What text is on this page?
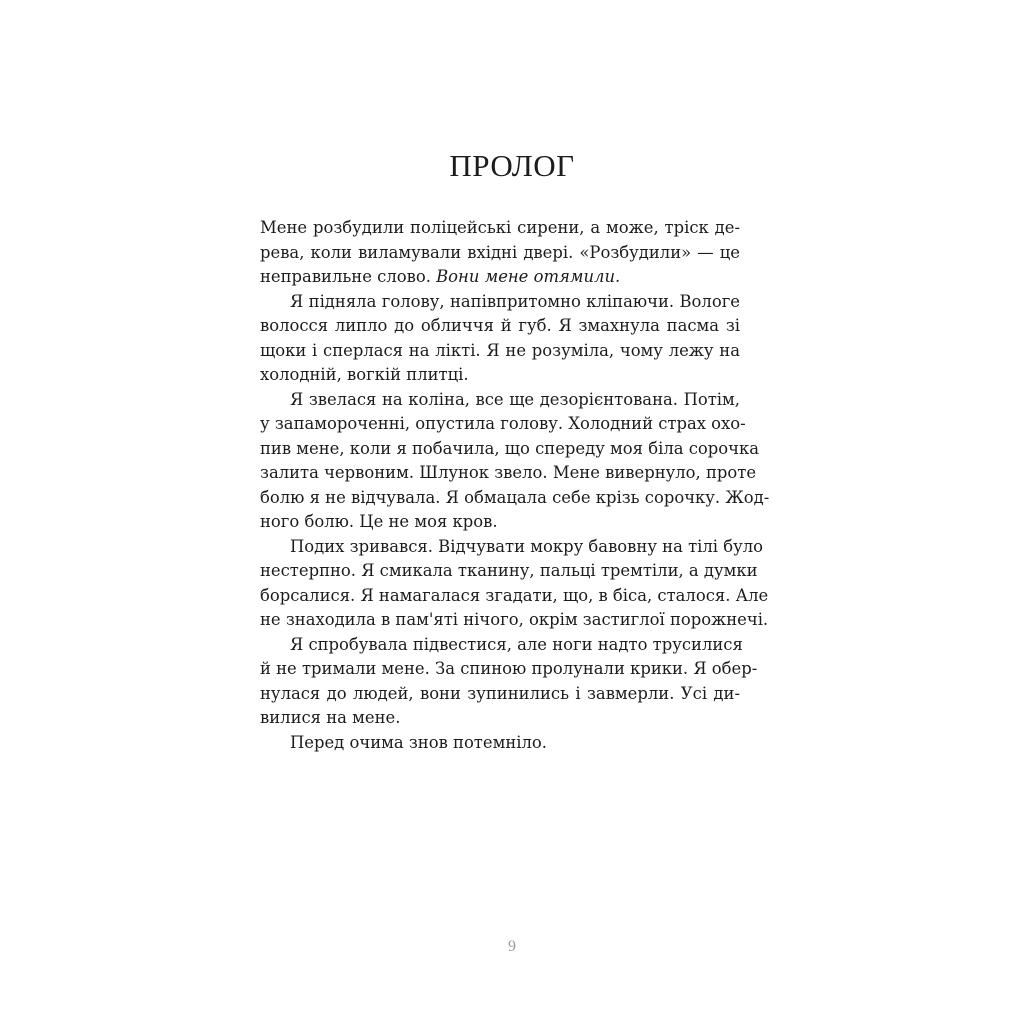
ПРОЛОГ
Мене розбудили поліцейські сирени, а може, тріск де-
рева, коли виламували вхідні двері. «Розбудили» — це
неправильне слово. Вони мене отямили.
Я підняла голову, напівпритомно кліпаючи. Вологе
волосся липло до обличчя й губ. Я змахнула пасма зі
щоки і сперлася на лікті. Я не розуміла, чому лежу на
холодній, вогкій плитці.
Я звелася на коліна, все ще дезорієнтована. Потім,
у запамороченні, опустила голову. Холодний страх охо-
пив мене, коли я побачила, що спереду моя біла сорочка
залита червоним. Шлунок звело. Мене вивернуло, проте
болю я не відчувала. Я обмацала себе крізь сорочку. Жод-
ного болю. Це не моя кров.
Подих зривався. Відчувати мокру бавовну на тілі було
нестерпно. Я смикала тканину, пальці тремтіли, а думки
борсалися. Я намагалася згадати, що, в біса, сталося. Але
не знаходила в пам'яті нічого, окрім застиглої порожнечі.
Я спробувала підвестися, але ноги надто трусилися
й не тримали мене. За спиною пролунали крики. Я обер-
нулася до людей, вони зупинились і завмерли. Усі ди-
вилися на мене.
Перед очима знов потемніло.
9
